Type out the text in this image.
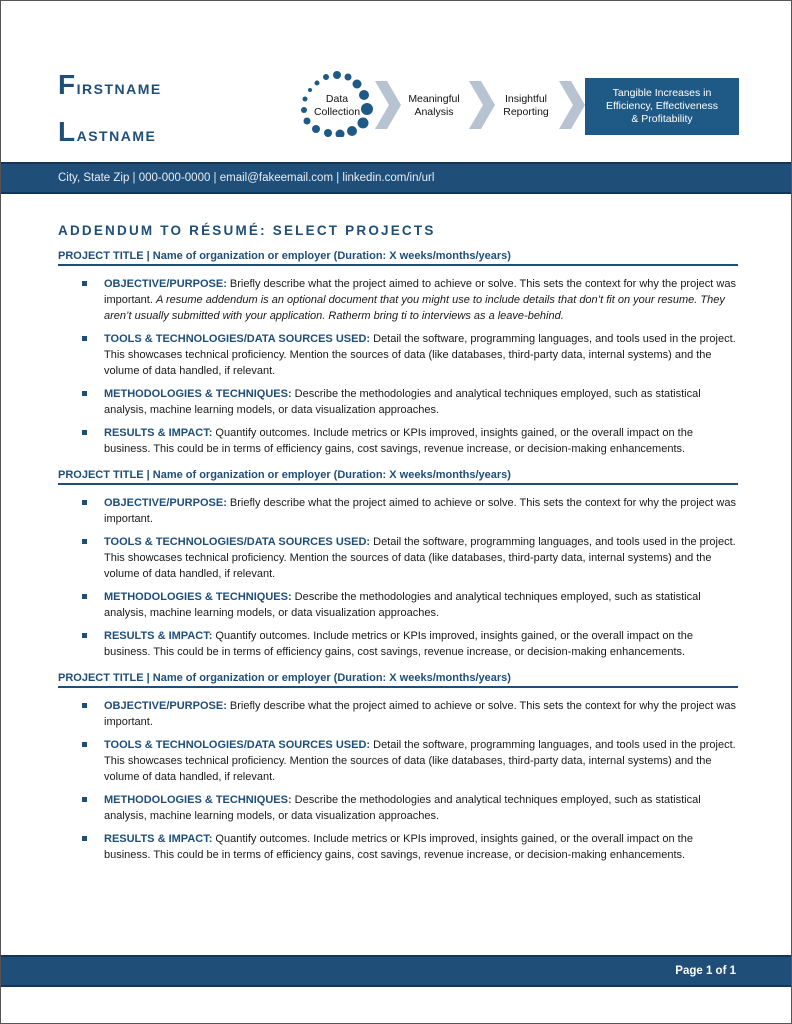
Firstname
Lastname
Data
Collection
Meaningful
Analysis
Insightful
Reporting
Tangible Increases in
Efficiency, Effectiveness
& Profitability
City, State Zip | 000-000-0000 | email@fakeemail.com | linkedin.com/in/url
ADDENDUM TO RÉSUMÉ: SELECT PROJECTS
PROJECT TITLE | Name of organization or employer (Duration: X weeks/months/years)
OBJECTIVE/PURPOSE: Briefly describe what the project aimed to achieve or solve. This sets the context for why the project was important. A resume addendum is an optional document that you might use to include details that don’t fit on your resume. They aren’t usually submitted with your application. Ratherm bring ti to interviews as a leave-behind.
TOOLS & TECHNOLOGIES/DATA SOURCES USED: Detail the software, programming languages, and tools used in the project. This showcases technical proficiency. Mention the sources of data (like databases, third-party data, internal systems) and the volume of data handled, if relevant.
METHODOLOGIES & TECHNIQUES: Describe the methodologies and analytical techniques employed, such as statistical analysis, machine learning models, or data visualization approaches.
RESULTS & IMPACT: Quantify outcomes. Include metrics or KPIs improved, insights gained, or the overall impact on the business. This could be in terms of efficiency gains, cost savings, revenue increase, or decision-making enhancements.
PROJECT TITLE | Name of organization or employer (Duration: X weeks/months/years)
OBJECTIVE/PURPOSE: Briefly describe what the project aimed to achieve or solve. This sets the context for why the project was important.
TOOLS & TECHNOLOGIES/DATA SOURCES USED: Detail the software, programming languages, and tools used in the project. This showcases technical proficiency. Mention the sources of data (like databases, third-party data, internal systems) and the volume of data handled, if relevant.
METHODOLOGIES & TECHNIQUES: Describe the methodologies and analytical techniques employed, such as statistical analysis, machine learning models, or data visualization approaches.
RESULTS & IMPACT: Quantify outcomes. Include metrics or KPIs improved, insights gained, or the overall impact on the business. This could be in terms of efficiency gains, cost savings, revenue increase, or decision-making enhancements.
PROJECT TITLE | Name of organization or employer (Duration: X weeks/months/years)
OBJECTIVE/PURPOSE: Briefly describe what the project aimed to achieve or solve. This sets the context for why the project was important.
TOOLS & TECHNOLOGIES/DATA SOURCES USED: Detail the software, programming languages, and tools used in the project. This showcases technical proficiency. Mention the sources of data (like databases, third-party data, internal systems) and the volume of data handled, if relevant.
METHODOLOGIES & TECHNIQUES: Describe the methodologies and analytical techniques employed, such as statistical analysis, machine learning models, or data visualization approaches.
RESULTS & IMPACT: Quantify outcomes. Include metrics or KPIs improved, insights gained, or the overall impact on the business. This could be in terms of efficiency gains, cost savings, revenue increase, or decision-making enhancements.
Page 1 of 1
